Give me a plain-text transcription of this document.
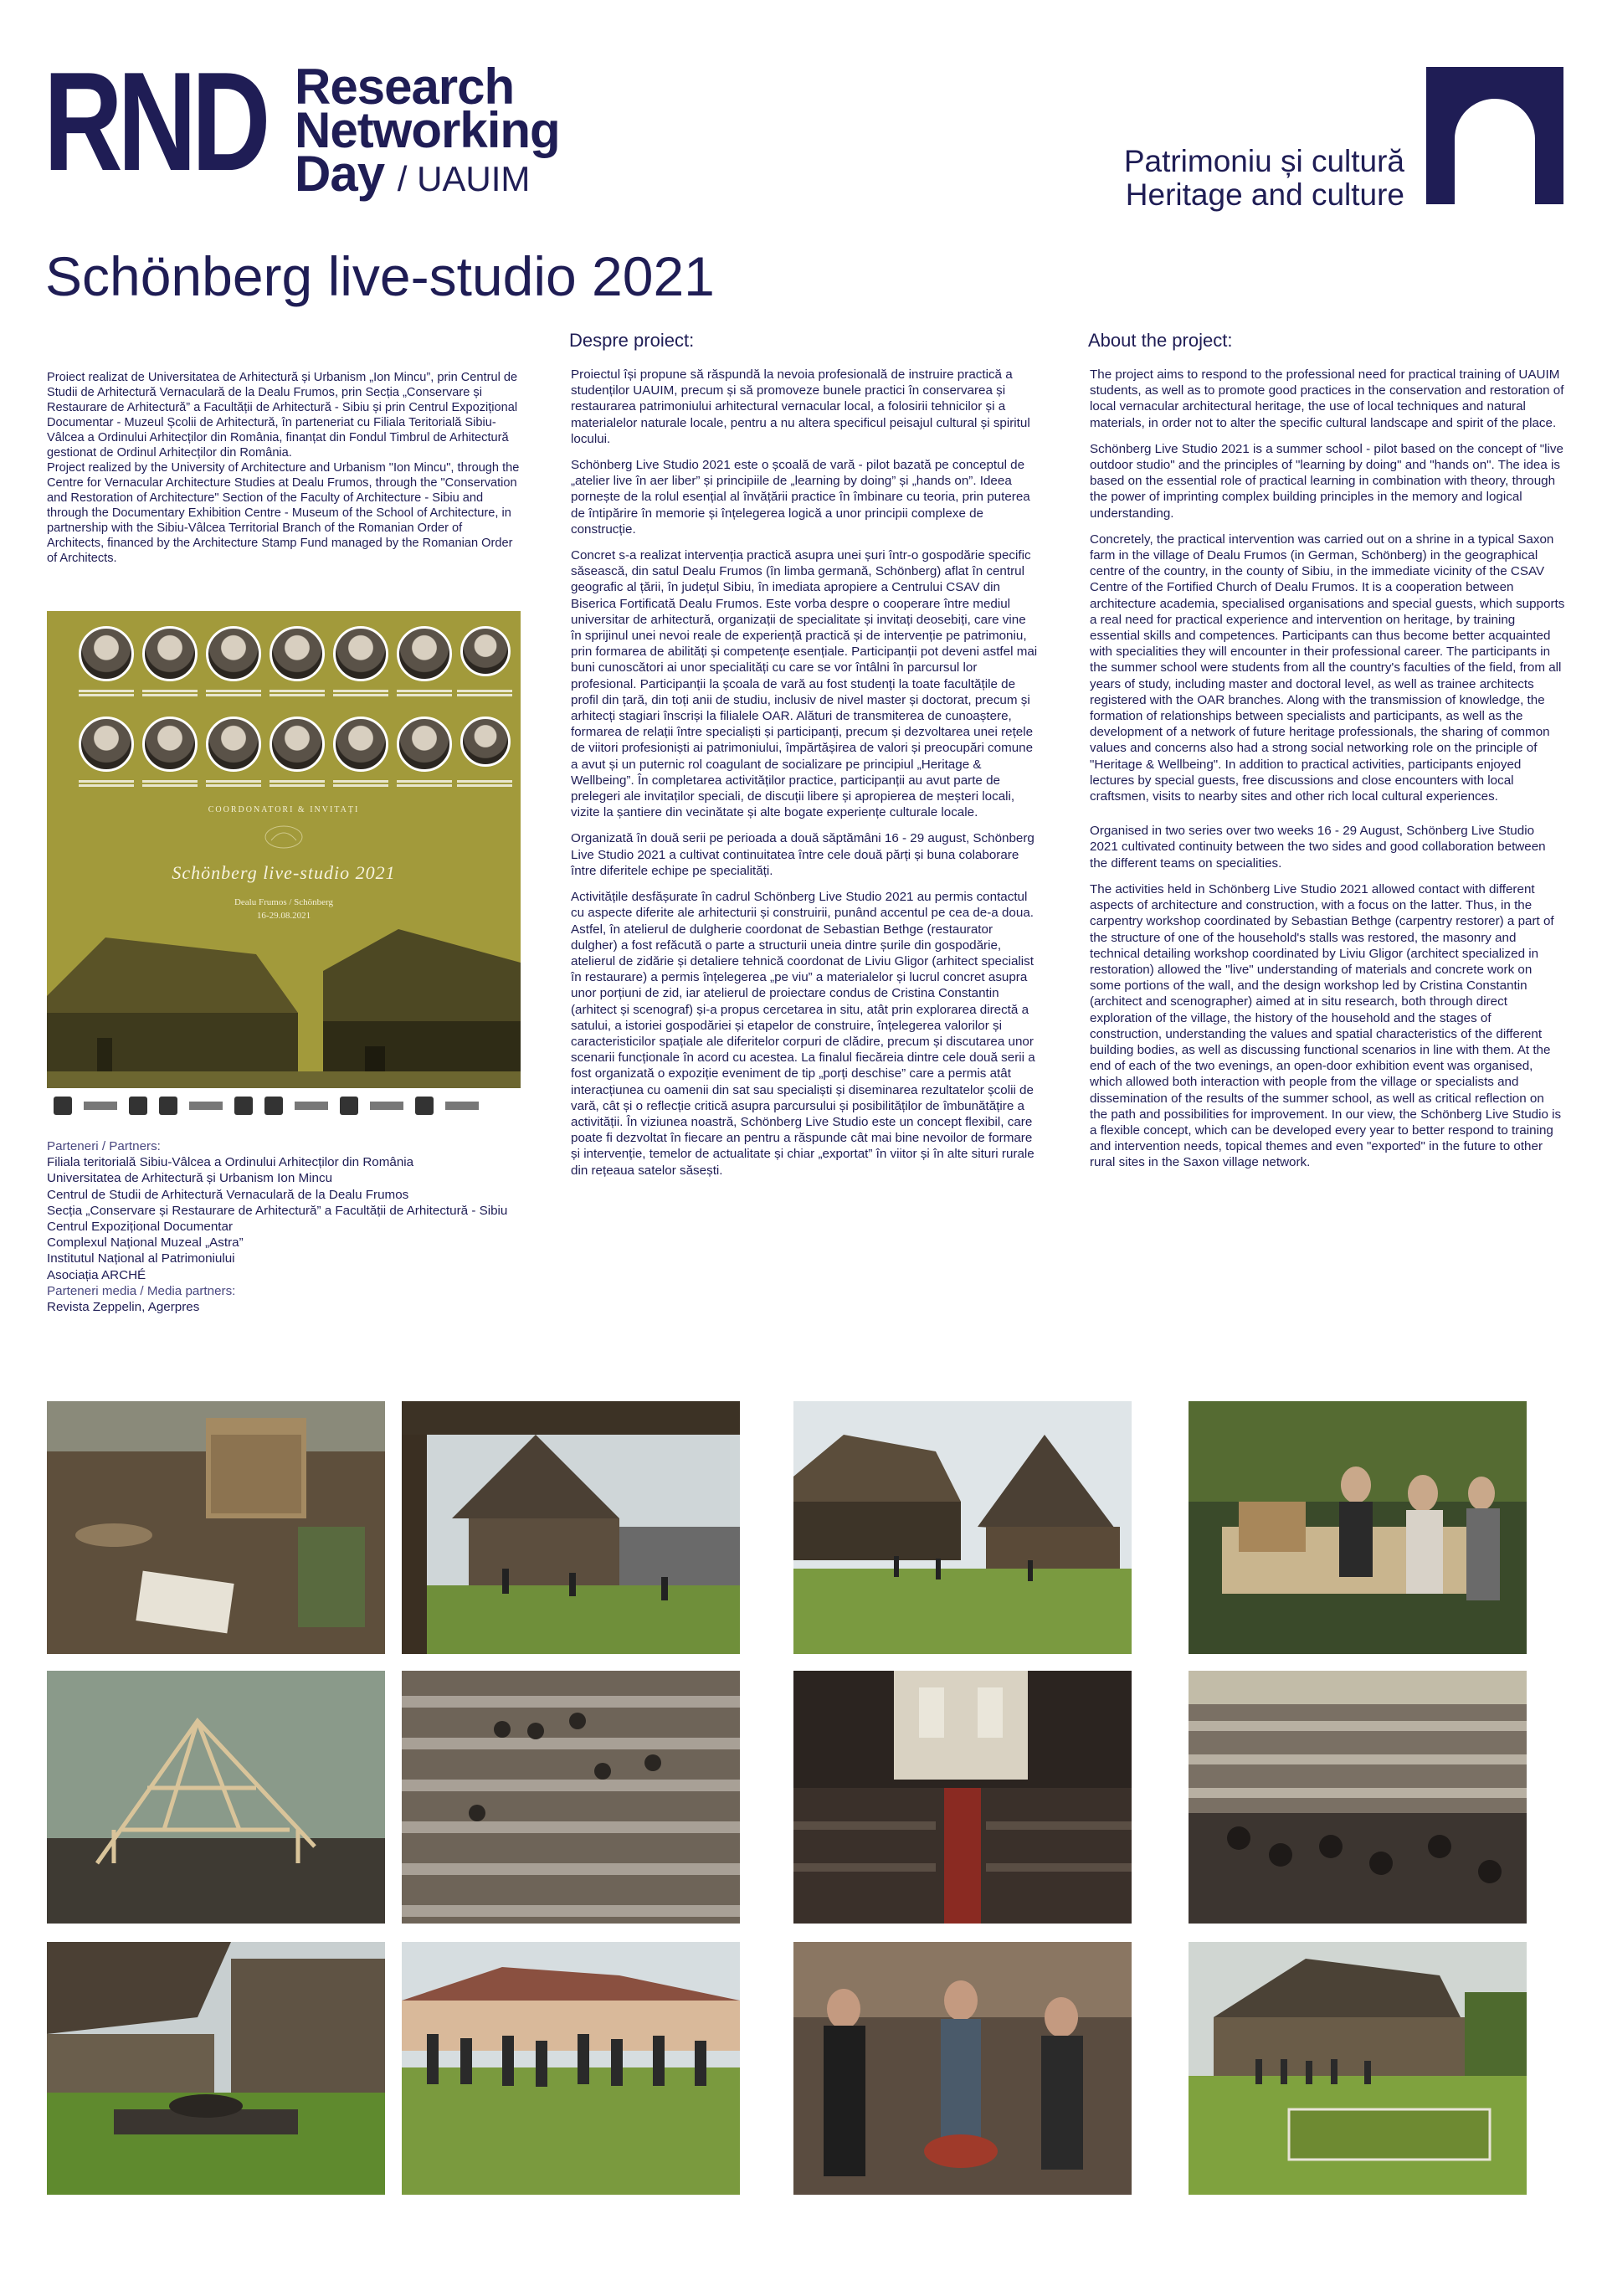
RND Research
Networking
Day / UAUIM	Patrimoniu și cultură
Heritage and culture
Schönberg live-studio 2021
Proiect realizat de Universitatea de Arhitectură și Urbanism „Ion Mincu”, prin Centrul de Studii de Arhitectură Vernaculară de la Dealu Frumos, prin Secția „Conservare și Restaurare de Arhitectură” a Facultății de Arhitectură - Sibiu și prin Centrul Expozițional Documentar - Muzeul Școlii de Arhitectură, în parteneriat cu Filiala Teritorială Sibiu-Vâlcea a Ordinului Arhitecților din România, finanțat din Fondul Timbrul de Arhitectură gestionat de Ordinul Arhitecților din România.
Project realized by the University of Architecture and Urbanism "Ion Mincu", through the Centre for Vernacular Architecture Studies at Dealu Frumos, through the "Conservation and Restoration of Architecture" Section of the Faculty of Architecture - Sibiu and through the Documentary Exhibition Centre - Museum of the School of Architecture, in partnership with the Sibiu-Vâlcea Territorial Branch of the Romanian Order of Architects, financed by the Architecture Stamp Fund managed by the Romanian Order of Architects.
COORDONATORI & INVITAȚI
Schönberg live-studio 2021
Dealu Frumos / Schönberg
16-29.08.2021
Parteneri / Partners:
Filiala teritorială Sibiu-Vâlcea a Ordinului Arhitecților din România
Universitatea de Arhitectură și Urbanism Ion Mincu
Centrul de Studii de Arhitectură Vernaculară de la Dealu Frumos
Secția „Conservare și Restaurare de Arhitectură” a Facultății de Arhitectură - Sibiu
Centrul Expozițional Documentar
Complexul Național Muzeal „Astra”
Institutul Național al Patrimoniului
Asociația ARCHÉ
Parteneri media / Media partners:
Revista Zeppelin, Agerpres
Despre proiect:

Proiectul își propune să răspundă la nevoia profesională de instruire practică a studenților UAUIM, precum și să promoveze bunele practici în conservarea și restaurarea patrimoniului arhitectural vernacular local, a folosirii tehnicilor și a materialelor naturale locale, pentru a nu altera specificul peisajul cultural și spiritul locului.

Schönberg Live Studio 2021 este o școală de vară - pilot bazată pe conceptul de „atelier live în aer liber” și principiile de „learning by doing” și „hands on”. Ideea pornește de la rolul esențial al învățării practice în îmbinare cu teoria, prin puterea de întipărire în memorie și înțelegerea logică a unor principii complexe de construcție.

Concret s-a realizat intervenția practică asupra unei șuri într-o gospodărie specific săsească, din satul Dealu Frumos (în limba germană, Schönberg) aflat în centrul geografic al țării, în județul Sibiu, în imediata apropiere a Centrului CSAV din Biserica Fortificată Dealu Frumos. Este vorba despre o cooperare între mediul universitar de arhitectură, organizații de specialitate și invitați deosebiți, care vine în sprijinul unei nevoi reale de experiență practică și de intervenție pe patrimoniu, prin formarea de abilități și competențe esențiale. Participanții pot deveni astfel mai buni cunoscători ai unor specialități cu care se vor întâlni în parcursul lor profesional. Participanții la școala de vară au fost studenți la toate facultățile de profil din țară, din toți anii de studiu, inclusiv de nivel master și doctorat, precum și arhitecți stagiari înscriși la filialele OAR. Alături de transmiterea de cunoaștere, formarea de relații între specialiști și participanți, precum și dezvoltarea unei rețele de viitori profesioniști ai patrimoniului, împărtășirea de valori și preocupări comune a avut și un puternic rol coagulant de socializare pe principiul „Heritage & Wellbeing”. În completarea activităților practice, participanții au avut parte de prelegeri ale invitaților speciali, de discuții libere și apropierea de meșteri locali, vizite la șantiere din vecinătate și alte bogate experiențe culturale locale.

Organizată în două serii pe perioada a două săptămâni 16 - 29 august, Schönberg Live Studio 2021 a cultivat continuitatea între cele două părți și buna colaborare între diferitele echipe pe specialități.

Activitățile desfășurate în cadrul Schönberg Live Studio 2021 au permis contactul cu aspecte diferite ale arhitecturii și construirii, punând accentul pe cea de-a doua. Astfel, în atelierul de dulgherie coordonat de Sebastian Bethge (restaurator dulgher) a fost refăcută o parte a structurii uneia dintre șurile din gospodărie, atelierul de zidărie și detaliere tehnică coordonat de Liviu Gligor (arhitect specialist în restaurare) a permis înțelegerea „pe viu” a materialelor și lucrul concret asupra unor porțiuni de zid, iar atelierul de proiectare condus de Cristina Constantin (arhitect și scenograf) și-a propus cercetarea in situ, atât prin explorarea directă a satului, a istoriei gospodăriei și etapelor de construire, înțelegerea valorilor și caracteristicilor spațiale ale diferitelor corpuri de clădire, precum și discutarea unor scenarii funcționale în acord cu acestea. La finalul fiecăreia dintre cele două serii a fost organizată o expoziție eveniment de tip „porți deschise” care a permis atât interacțiunea cu oamenii din sat sau specialiști și diseminarea rezultatelor școlii de vară, cât și o reflecție critică asupra parcursului și posibilităților de îmbunătățire a activității. În viziunea noastră, Schönberg Live Studio este un concept flexibil, care poate fi dezvoltat în fiecare an pentru a răspunde cât mai bine nevoilor de formare și intervenție, temelor de actualitate și chiar „exportat” în viitor și în alte situri rurale din rețeaua satelor săsești.

About the project:

The project aims to respond to the professional need for practical training of UAUIM students, as well as to promote good practices in the conservation and restoration of local vernacular architectural heritage, the use of local techniques and natural materials, in order not to alter the specific cultural landscape and spirit of the place.

Schönberg Live Studio 2021 is a summer school - pilot based on the concept of "live outdoor studio" and the principles of "learning by doing" and "hands on". The idea is based on the essential role of practical learning in combination with theory, through the power of imprinting complex building principles in the memory and logical understanding.

Concretely, the practical intervention was carried out on a shrine in a typical Saxon farm in the village of Dealu Frumos (in German, Schönberg) in the geographical centre of the country, in the county of Sibiu, in the immediate vicinity of the CSAV Centre of the Fortified Church of Dealu Frumos. It is a cooperation between architecture academia, specialised organisations and special guests, which supports a real need for practical experience and intervention on heritage, by training essential skills and competences. Participants can thus become better acquainted with specialities they will encounter in their professional career. The participants in the summer school were students from all the country's faculties of the field, from all years of study, including master and doctoral level, as well as trainee architects registered with the OAR branches. Along with the transmission of knowledge, the formation of relationships between specialists and participants, as well as the development of a network of future heritage professionals, the sharing of common values and concerns also had a strong social networking role on the principle of "Heritage & Wellbeing". In addition to practical activities, participants enjoyed lectures by special guests, free discussions and close encounters with local craftsmen, visits to nearby sites and other rich local cultural experiences.

Organised in two series over two weeks 16 - 29 August, Schönberg Live Studio 2021 cultivated continuity between the two sides and good collaboration between the different teams on specialities.

The activities held in Schönberg Live Studio 2021 allowed contact with different aspects of architecture and construction, with a focus on the latter. Thus, in the carpentry workshop coordinated by Sebastian Bethge (carpentry restorer) a part of the structure of one of the household's stalls was restored, the masonry and technical detailing workshop coordinated by Liviu Gligor (architect specialized in restoration) allowed the "live" understanding of materials and concrete work on some portions of the wall, and the design workshop led by Cristina Constantin (architect and scenographer) aimed at in situ research, both through direct exploration of the village, the history of the household and the stages of construction, understanding the values and spatial characteristics of the different building bodies, as well as discussing functional scenarios in line with them. At the end of each of the two evenings, an open-door exhibition event was organised, which allowed both interaction with people from the village or specialists and dissemination of the results of the summer school, as well as critical reflection on the path and possibilities for improvement. In our view, the Schönberg Live Studio is a flexible concept, which can be developed every year to better respond to training and intervention needs, topical themes and even "exported" in the future to other rural sites in the Saxon village network.
